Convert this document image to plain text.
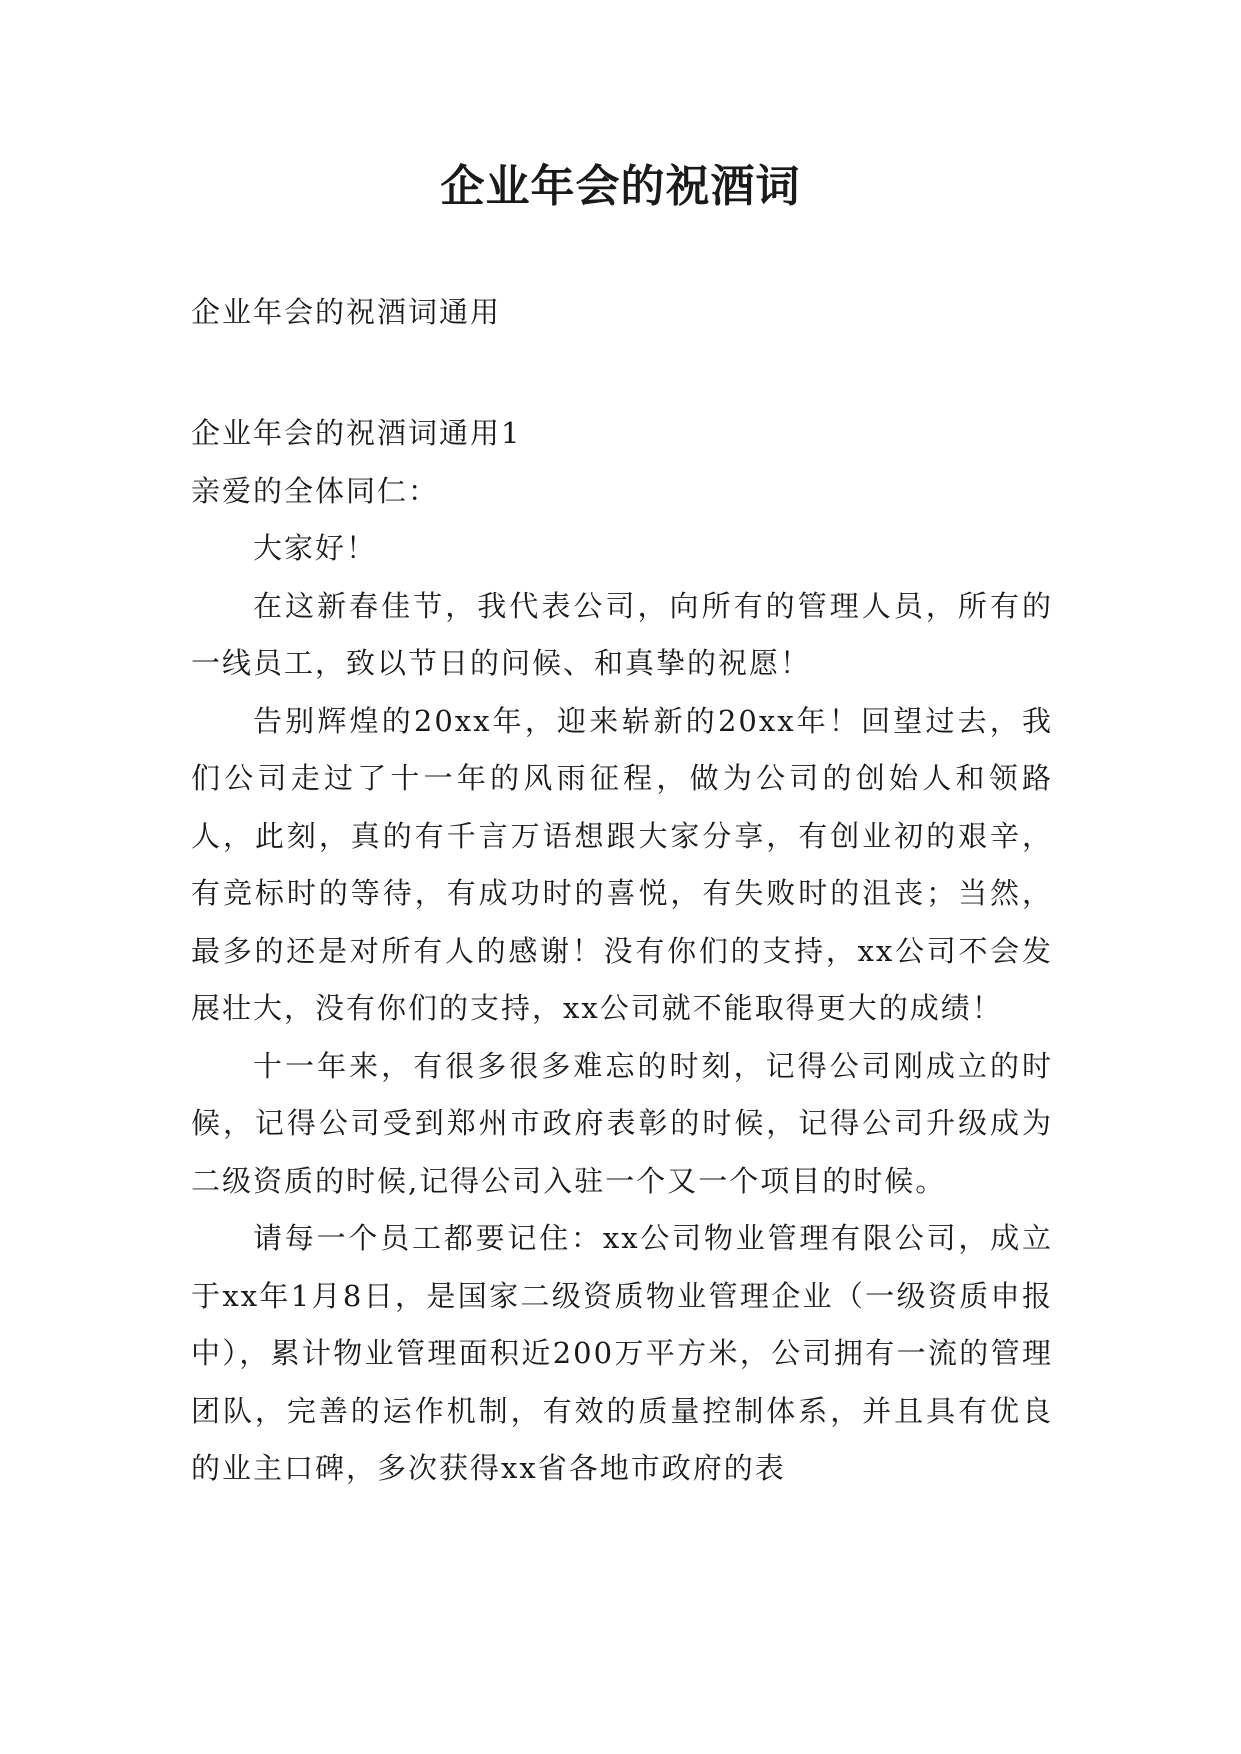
企业年会的祝酒词

企业年会的祝酒词通用

企业年会的祝酒词通用1

亲爱的全体同仁：

大家好！

在这新春佳节，我代表公司，向所有的管理人员，所有的一线员工，致以节日的问候、和真挚的祝愿！

告别辉煌的20xx年，迎来崭新的20xx年！回望过去，我们公司走过了十一年的风雨征程，做为公司的创始人和领路人，此刻，真的有千言万语想跟大家分享，有创业初的艰辛，有竞标时的等待，有成功时的喜悦，有失败时的沮丧；当然，最多的还是对所有人的感谢！没有你们的支持，xx公司不会发展壮大，没有你们的支持，xx公司就不能取得更大的成绩！

十一年来，有很多很多难忘的时刻，记得公司刚成立的时候，记得公司受到郑州市政府表彰的时候，记得公司升级成为二级资质的时候,记得公司入驻一个又一个项目的时候。

请每一个员工都要记住：xx公司物业管理有限公司，成立于xx年1月8日，是国家二级资质物业管理企业（一级资质申报中），累计物业管理面积近200万平方米，公司拥有一流的管理团队，完善的运作机制，有效的质量控制体系，并且具有优良的业主口碑，多次获得xx省各地市政府的表
